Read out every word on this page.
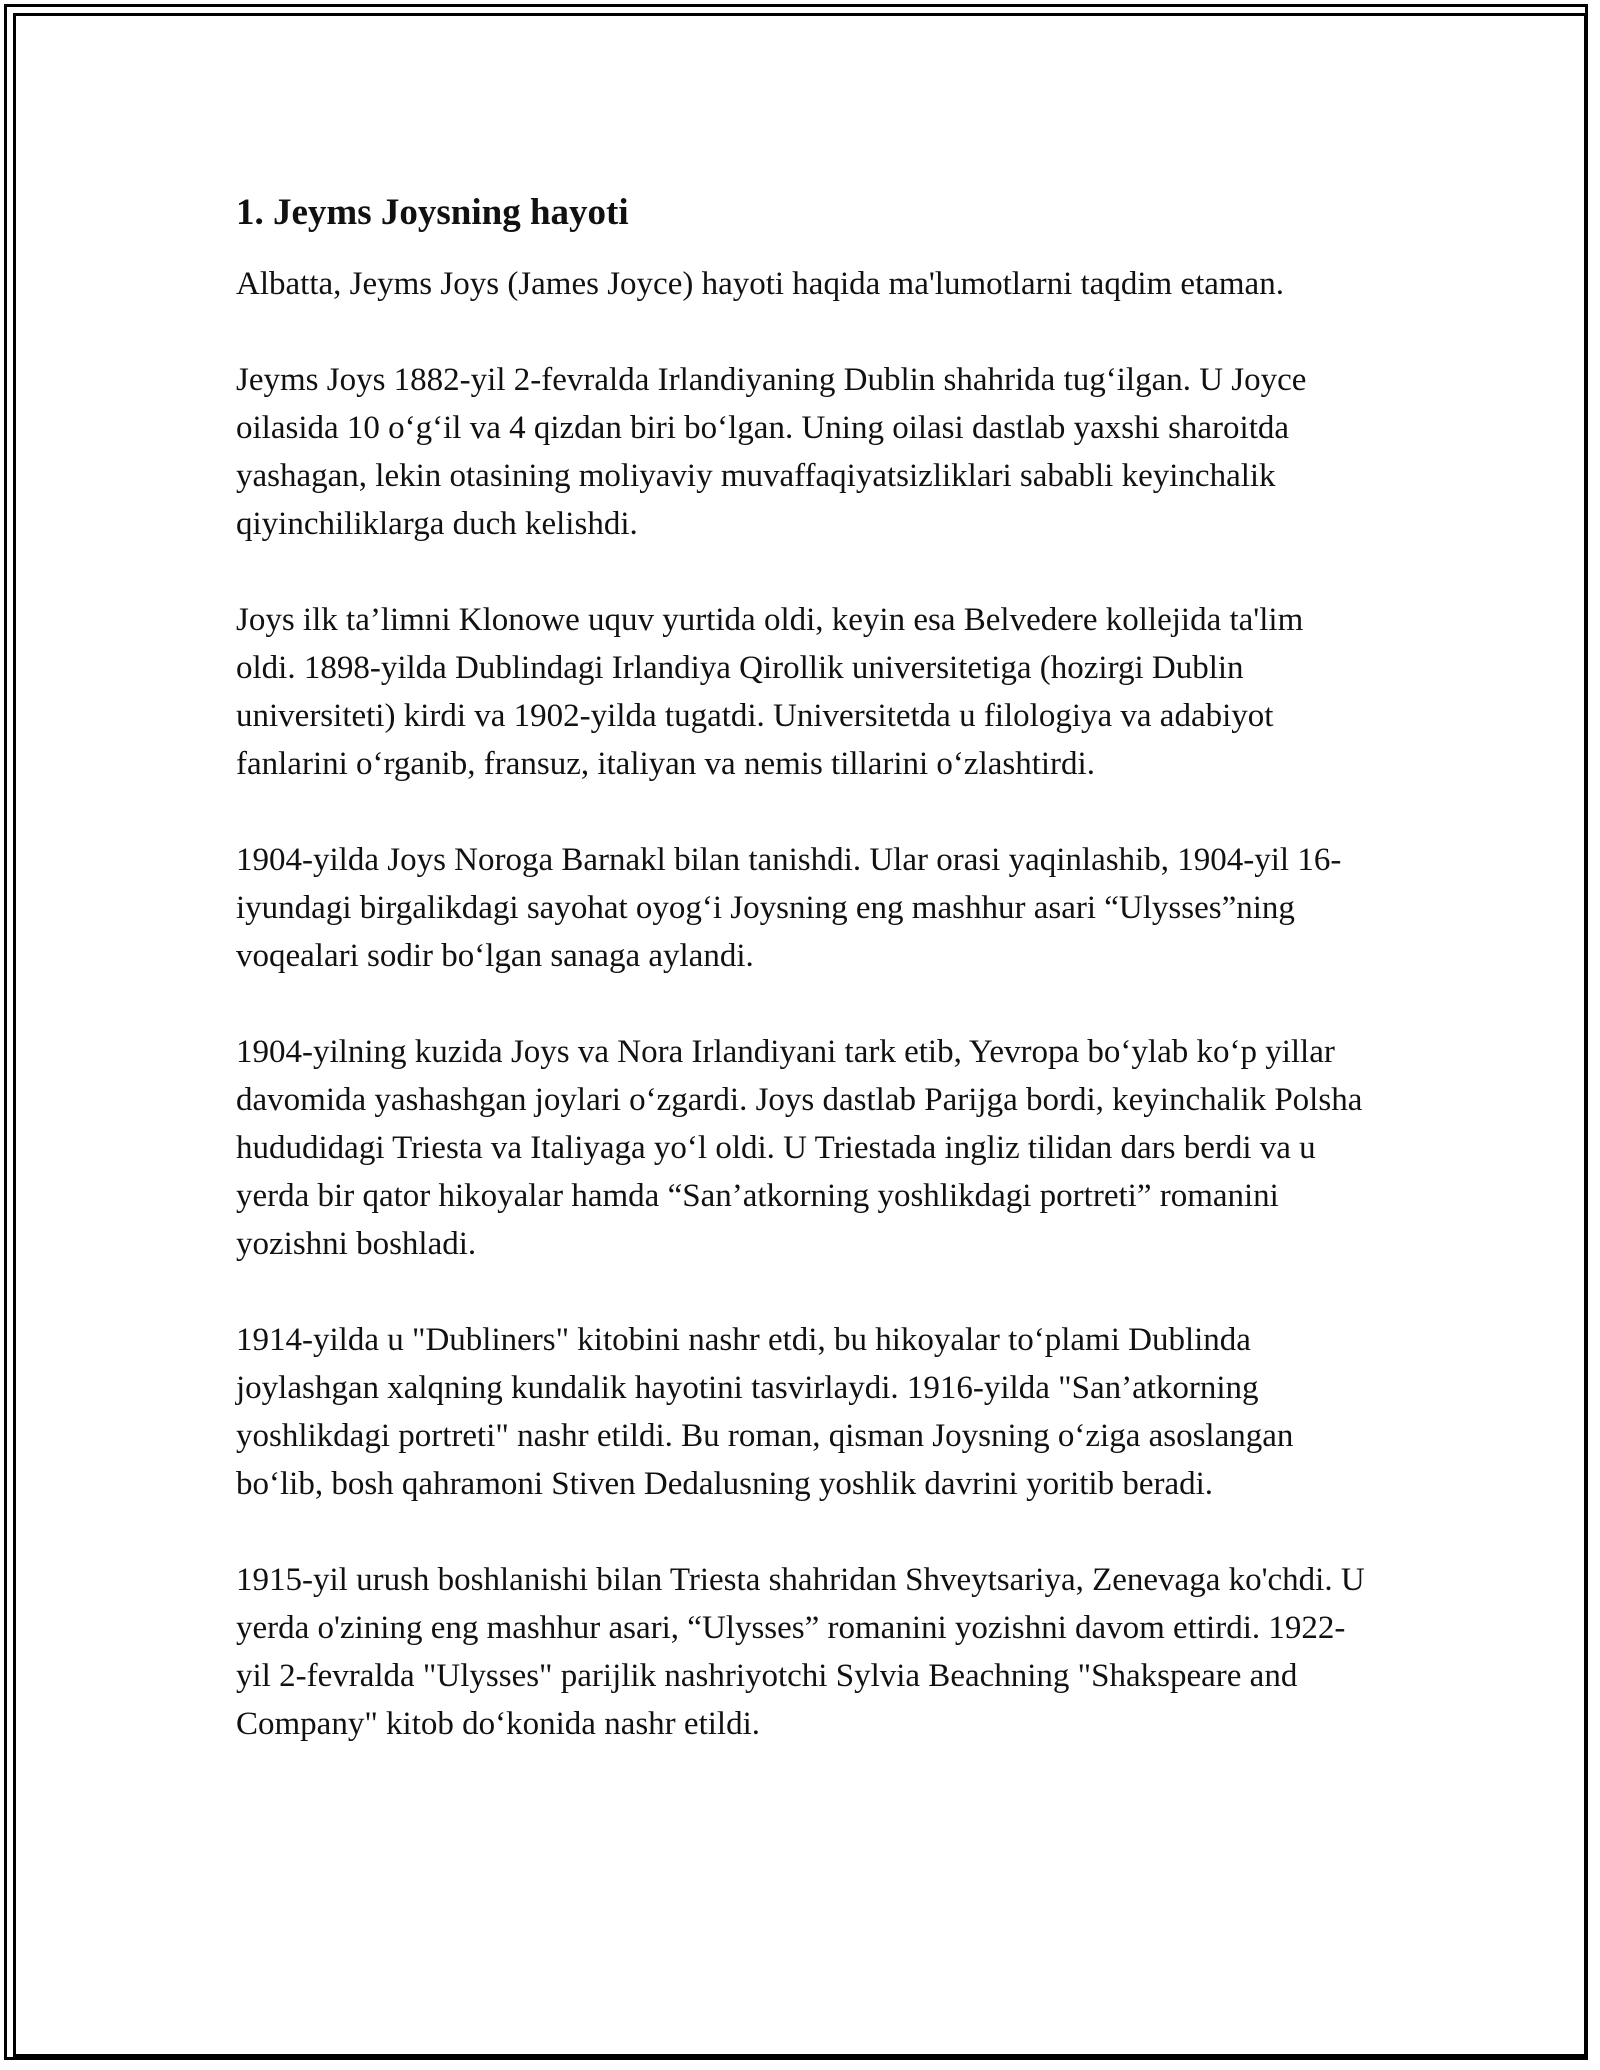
1. Jeyms Joysning hayoti

Albatta, Jeyms Joys (James Joyce) hayoti haqida ma'lumotlarni taqdim etaman.

Jeyms Joys 1882-yil 2-fevralda Irlandiyaning Dublin shahrida tug‘ilgan. U Joyce oilasida 10 o‘g‘il va 4 qizdan biri bo‘lgan. Uning oilasi dastlab yaxshi sharoitda yashagan, lekin otasining moliyaviy muvaffaqiyatsizliklari sababli keyinchalik qiyinchiliklarga duch kelishdi.

Joys ilk ta’limni Klonowe uquv yurtida oldi, keyin esa Belvedere kollejida ta'lim oldi. 1898-yilda Dublindagi Irlandiya Qirollik universitetiga (hozirgi Dublin universiteti) kirdi va 1902-yilda tugatdi. Universitetda u filologiya va adabiyot fanlarini o‘rganib, fransuz, italiyan va nemis tillarini o‘zlashtirdi.

1904-yilda Joys Noroga Barnakl bilan tanishdi. Ular orasi yaqinlashib, 1904-yil 16-iyundagi birgalikdagi sayohat oyog‘i Joysning eng mashhur asari “Ulysses”ning voqealari sodir bo‘lgan sanaga aylandi.

1904-yilning kuzida Joys va Nora Irlandiyani tark etib, Yevropa bo‘ylab ko‘p yillar davomida yashashgan joylari o‘zgardi. Joys dastlab Parijga bordi, keyinchalik Polsha hududidagi Triesta va Italiyaga yo‘l oldi. U Triestada ingliz tilidan dars berdi va u yerda bir qator hikoyalar hamda “San’atkorning yoshlikdagi portreti” romanini yozishni boshladi.

1914-yilda u "Dubliners" kitobini nashr etdi, bu hikoyalar to‘plami Dublinda joylashgan xalqning kundalik hayotini tasvirlaydi. 1916-yilda "San’atkorning yoshlikdagi portreti" nashr etildi. Bu roman, qisman Joysning o‘ziga asoslangan bo‘lib, bosh qahramoni Stiven Dedalusning yoshlik davrini yoritib beradi.

1915-yil urush boshlanishi bilan Triesta shahridan Shveytsariya, Zenevaga ko'chdi. U yerda o'zining eng mashhur asari, “Ulysses” romanini yozishni davom ettirdi. 1922-yil 2-fevralda "Ulysses" parijlik nashriyotchi Sylvia Beachning "Shakspeare and Company" kitob do‘konida nashr etildi.
